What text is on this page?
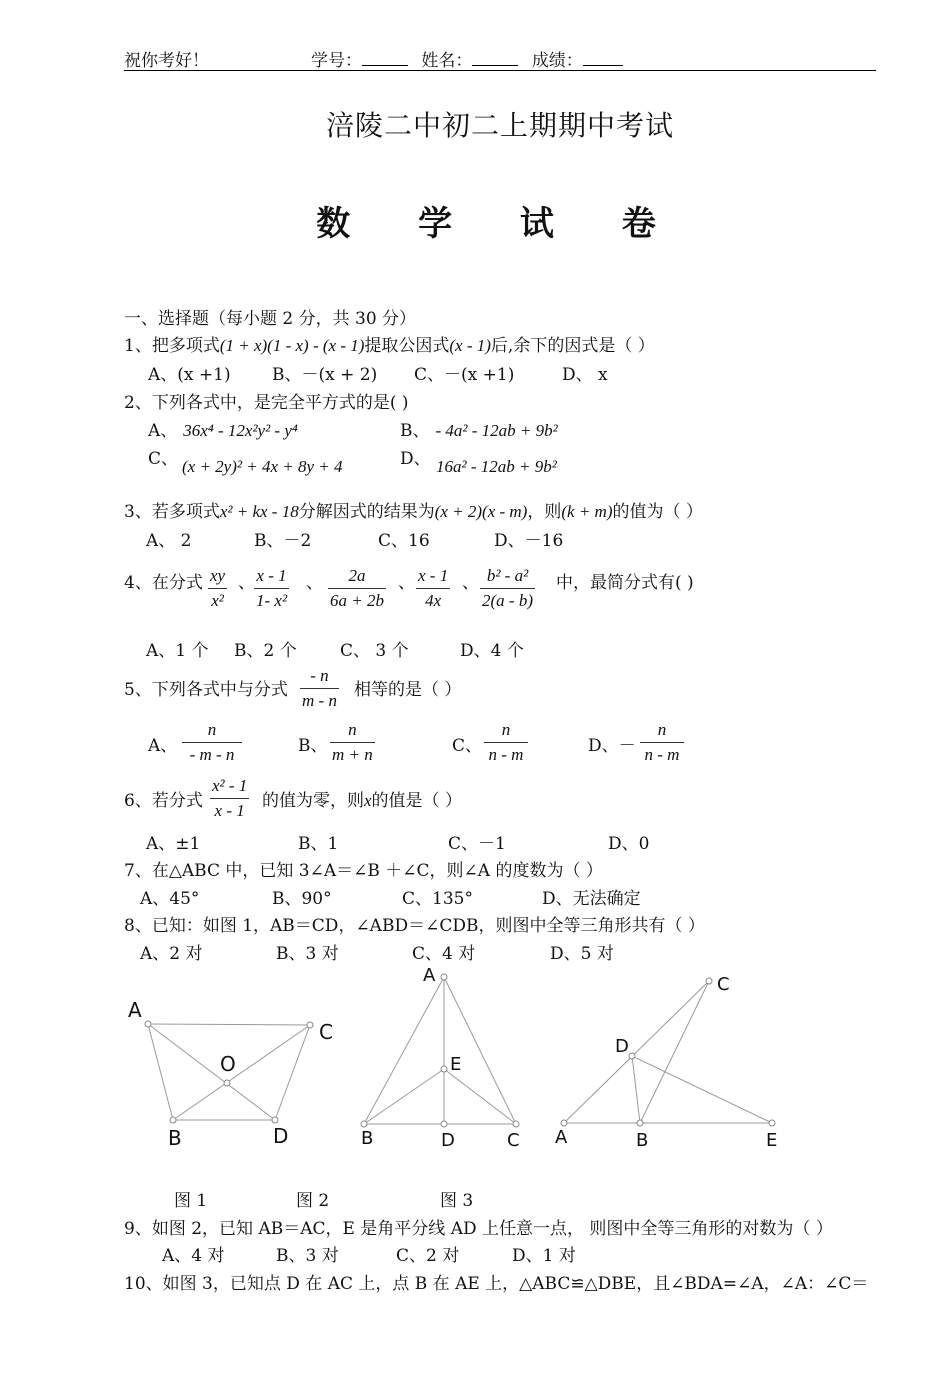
祝你考好！	学号：	姓名：	成绩：
涪陵二中初二上期期中考试
数 学 试 卷
一、选择题（每小题 2 分，共 30 分）
1、把多项式(1 + x)(1 - x) - (x - 1)提取公因式(x - 1)后,余下的因式是（ ）
A、(x +1) B、－(x + 2) C、－(x +1)	D、 x
2、下列各式中，是完全平方式的是( )
A、 36x⁴ - 12x²y² - y⁴	B、 - 4a² - 12ab + 9b²
C、 (x + 2y)² + 4x + 8y + 4	D、 16a² - 12ab + 9b²
3、若多项式x² + kx - 18分解因式的结果为(x + 2)(x - m)，则(k + m)的值为（ ）
A、 2	B、－2	C、16	D、－16
4、在分式 $\frac{xy}{\text{x²}}$ 、 $\frac{x - 1}{\text{1- x²}}$ 、 $\frac{2a}{6a + 2b}$ 、 $\frac{x - 1}{4x}$ 、 $\frac{\text{b² - a²}}{2(a - b)}$ 中，最简分式有( )
A、1 个 B、2 个	C、 3 个	D、4 个
5、下列各式中与分式 $\frac{- n}{m - n}$ 相等的是（ ）
A、 $\frac{n}{- m - n}$	B、 $\frac{n}{m + n}$	C、 $\frac{n}{n - m}$	D、－ $\frac{n}{n - m}$
6、若分式 $\frac{\text{x² - 1}}{x - 1}$ 的值为零，则x的值是（ ）
A、±1	B、1	C、－1	D、0
7、在△ABC 中，已知 3∠A＝∠B ＋∠C，则∠A 的度数为（ ）
A、45°	B、90°	C、135°	D、无法确定
8、已知：如图 1，AB＝CD，∠ABD＝∠CDB，则图中全等三角形共有（ ）
A、2 对	B、3 对	C、4 对	D、5 对
A
C
O
B	D
A
E
B	D	C
C
D
A	B	E
图 1	图 2	图 3
9、如图 2，已知 AB＝AC，E 是角平分线 AD 上任意一点， 则图中全等三角形的对数为（ ）
A、4 对	B、3 对	C、2 对	D、1 对
10、如图 3，已知点 D 在 AC 上，点 B 在 AE 上，△ABC≌△DBE，且∠BDA=∠A，∠A：∠C＝
